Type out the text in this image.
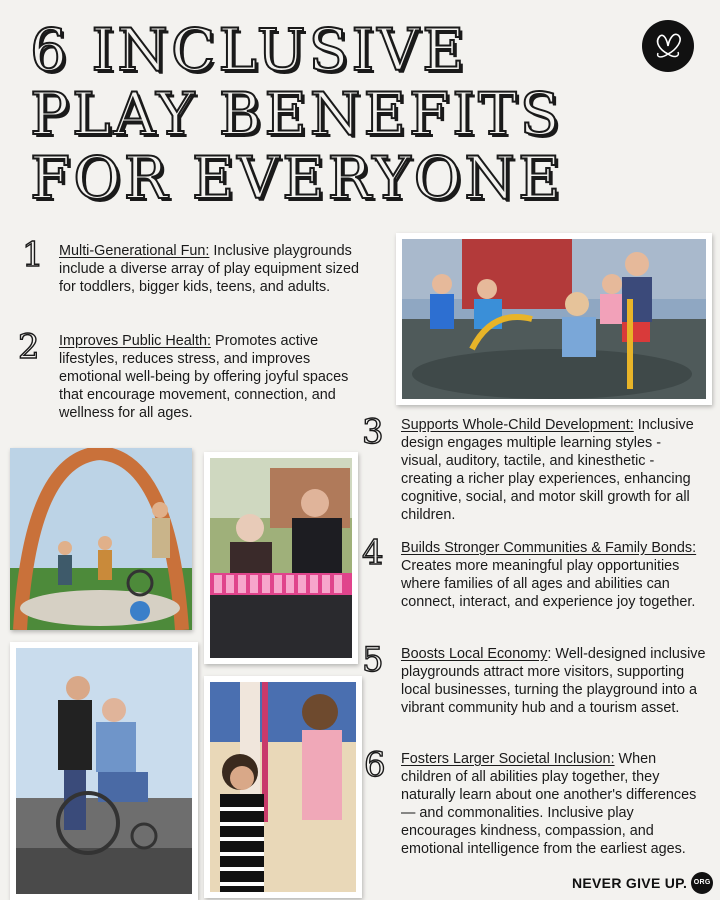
6 INCLUSIVE
PLAY BENEFITS
FOR EVERYONE
1 Multi-Generational Fun: Inclusive playgrounds include a diverse array of play equipment sized for toddlers, bigger kids, teens, and adults.
2 Improves Public Health: Promotes active lifestyles, reduces stress, and improves emotional well-being by offering joyful spaces that encourage movement, connection, and wellness for all ages.	3 Supports Whole-Child Development: Inclusive design engages multiple learning styles - visual, auditory, tactile, and kinesthetic - creating a richer play experiences, enhancing cognitive, social, and motor skill growth for all children.
4 Builds Stronger Communities & Family Bonds: Creates more meaningful play opportunities where families of all ages and abilities can connect, interact, and experience joy together.
5 Boosts Local Economy: Well-designed inclusive playgrounds attract more visitors, supporting local businesses, turning the playground into a vibrant community hub and a tourism asset.
6 Fosters Larger Societal Inclusion: When children of all abilities play together, they naturally learn about one another's differences — and commonalities. Inclusive play encourages kindness, compassion, and emotional intelligence from the earliest ages.
NEVER GIVE UP. ORG
